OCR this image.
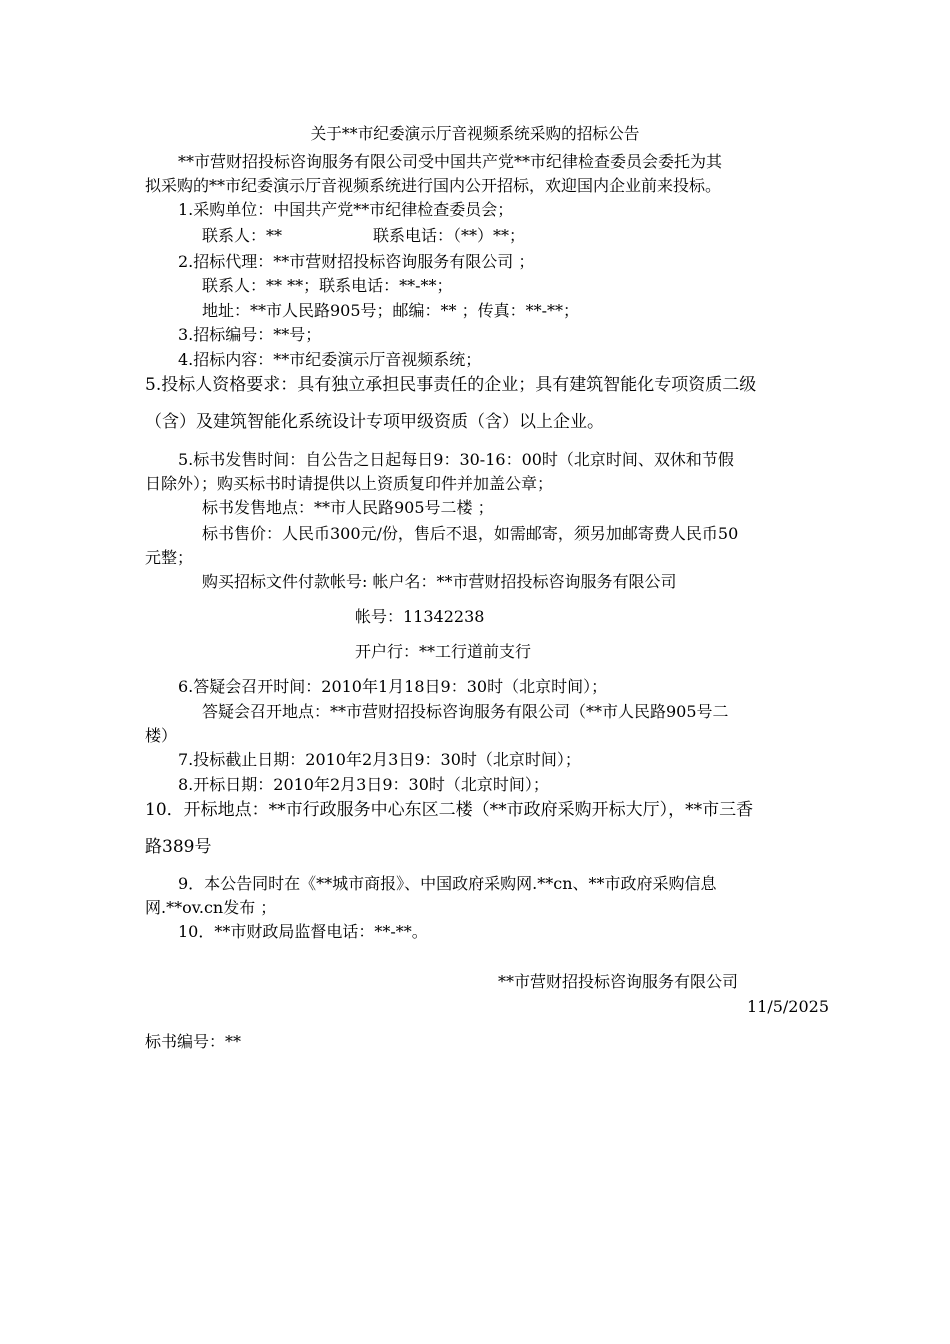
关于**市纪委演示厅音视频系统采购的招标公告

**市营财招投标咨询服务有限公司受中国共产党**市纪律检查委员会委托为其

拟采购的**市纪委演示厅音视频系统进行国内公开招标，欢迎国内企业前来投标。

1.采购单位：中国共产党**市纪律检查委员会；

联系人：**	联系电话：（**）**；

2.招标代理：**市营财招投标咨询服务有限公司 ；

联系人：** **；联系电话：**-**；

地址：**市人民路905号；邮编：** ；传真：**-**；

3.招标编号：**号；

4.招标内容：**市纪委演示厅音视频系统；

5.投标人资格要求：具有独立承担民事责任的企业；具有建筑智能化专项资质二级

（含）及建筑智能化系统设计专项甲级资质（含）以上企业。

5.标书发售时间：自公告之日起每日9：30-16：00时（北京时间、双休和节假

日除外）；购买标书时请提供以上资质复印件并加盖公章；

标书发售地点：**市人民路905号二楼 ；

标书售价：人民币300元/份，售后不退，如需邮寄，须另加邮寄费人民币50

元整；

购买招标文件付款帐号: 帐户名：**市营财招投标咨询服务有限公司

帐号：11342238

开户行：**工行道前支行

6.答疑会召开时间：2010年1月18日9：30时（北京时间）；

答疑会召开地点：**市营财招投标咨询服务有限公司（**市人民路905号二

楼）

7.投标截止日期：2010年2月3日9：30时（北京时间）；

8.开标日期：2010年2月3日9：30时（北京时间）；

10．开标地点：**市行政服务中心东区二楼（**市政府采购开标大厅），**市三香

路389号

9．本公告同时在《**城市商报》、中国政府采购网.**cn、**市政府采购信息

网.**ov.cn发布 ；

10．**市财政局监督电话：**-**。

**市营财招投标咨询服务有限公司

11/5/2025

标书编号：**
